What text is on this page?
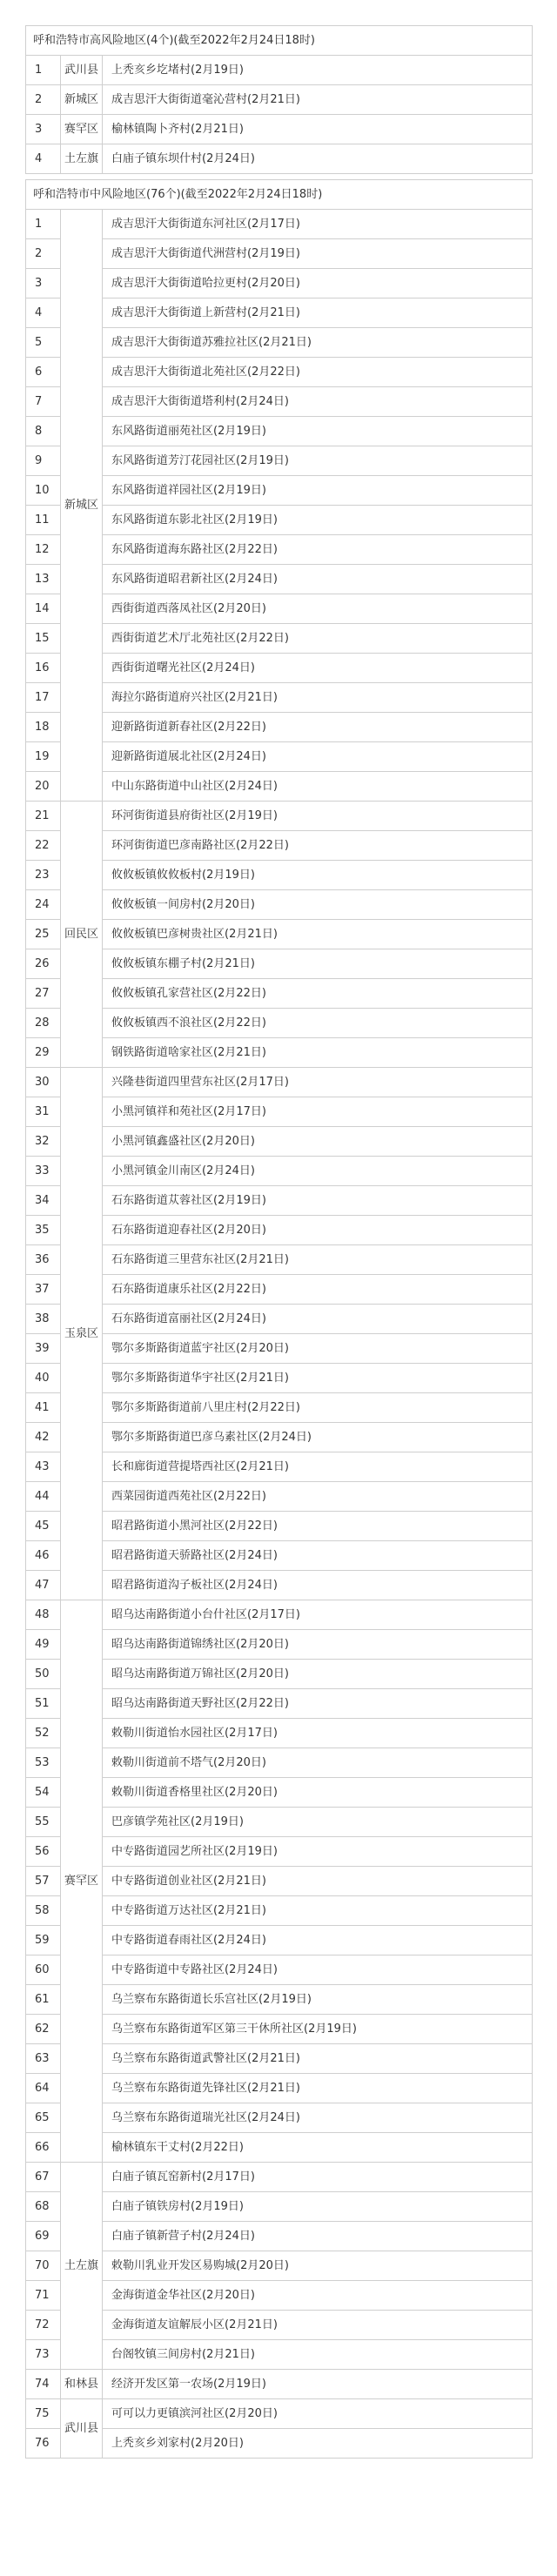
呼和浩特市高风险地区(4个)(截至2022年2月24日18时)		
1	武川县	上秃亥乡圪堵村(2月19日)
2	新城区	成吉思汗大街街道毫沁营村(2月21日)
3	赛罕区	榆林镇陶卜齐村(2月21日)
4	土左旗	白庙子镇东坝什村(2月24日)
呼和浩特市中风险地区(76个)(截至2022年2月24日18时)		
1	新城区	成吉思汗大街街道东河社区(2月17日)
2		成吉思汗大街街道代洲营村(2月19日)
3		成吉思汗大街街道哈拉更村(2月20日)
4		成吉思汗大街街道上新营村(2月21日)
5		成吉思汗大街街道苏雅拉社区(2月21日)
6		成吉思汗大街街道北苑社区(2月22日)
7		成吉思汗大街街道塔利村(2月24日)
8		东风路街道丽苑社区(2月19日)
9		东风路街道芳汀花园社区(2月19日)
10		东风路街道祥园社区(2月19日)
11		东风路街道东影北社区(2月19日)
12		东风路街道海东路社区(2月22日)
13		东风路街道昭君新社区(2月24日)
14		西街街道西落凤社区(2月20日)
15		西街街道艺术厅北苑社区(2月22日)
16		西街街道曙光社区(2月24日)
17		海拉尔路街道府兴社区(2月21日)
18		迎新路街道新春社区(2月22日)
19		迎新路街道展北社区(2月24日)
20		中山东路街道中山社区(2月24日)
21	回民区	环河街街道县府街社区(2月19日)
22		环河街街道巴彦南路社区(2月22日)
23		攸攸板镇攸攸板村(2月19日)
24		攸攸板镇一间房村(2月20日)
25		攸攸板镇巴彦树贵社区(2月21日)
26		攸攸板镇东棚子村(2月21日)
27		攸攸板镇孔家营社区(2月22日)
28		攸攸板镇西不浪社区(2月22日)
29		钢铁路街道啥家社区(2月21日)
30	玉泉区	兴隆巷街道四里营东社区(2月17日)
31		小黑河镇祥和苑社区(2月17日)
32		小黑河镇鑫盛社区(2月20日)
33		小黑河镇金川南区(2月24日)
34		石东路街道苁蓉社区(2月19日)
35		石东路街道迎春社区(2月20日)
36		石东路街道三里营东社区(2月21日)
37		石东路街道康乐社区(2月22日)
38		石东路街道富丽社区(2月24日)
39		鄂尔多斯路街道蓝宇社区(2月20日)
40		鄂尔多斯路街道华宇社区(2月21日)
41		鄂尔多斯路街道前八里庄村(2月22日)
42		鄂尔多斯路街道巴彦乌素社区(2月24日)
43		长和廊街道营提塔西社区(2月21日)
44		西菜园街道西苑社区(2月22日)
45		昭君路街道小黑河社区(2月22日)
46		昭君路街道天骄路社区(2月24日)
47		昭君路街道沟子板社区(2月24日)
48	赛罕区	昭乌达南路街道小台什社区(2月17日)
49		昭乌达南路街道锦绣社区(2月20日)
50		昭乌达南路街道万锦社区(2月20日)
51		昭乌达南路街道天野社区(2月22日)
52		敕勒川街道怡水园社区(2月17日)
53		敕勒川街道前不塔气(2月20日)
54		敕勒川街道香格里社区(2月20日)
55		巴彦镇学苑社区(2月19日)
56		中专路街道园艺所社区(2月19日)
57		中专路街道创业社区(2月21日)
58		中专路街道万达社区(2月21日)
59		中专路街道春雨社区(2月24日)
60		中专路街道中专路社区(2月24日)
61		乌兰察布东路街道长乐宫社区(2月19日)
62		乌兰察布东路街道军区第三干休所社区(2月19日)
63		乌兰察布东路街道武警社区(2月21日)
64		乌兰察布东路街道先锋社区(2月21日)
65		乌兰察布东路街道瑞光社区(2月24日)
66		榆林镇东干丈村(2月22日)
67	土左旗	白庙子镇瓦窑新村(2月17日)
68		白庙子镇铁房村(2月19日)
69		白庙子镇新营子村(2月24日)
70		敕勒川乳业开发区易购城(2月20日)
71		金海街道金华社区(2月20日)
72		金海街道友谊解辰小区(2月21日)
73		台阁牧镇三间房村(2月21日)
74	和林县	经济开发区第一农场(2月19日)
75	武川县	可可以力更镇滨河社区(2月20日)
76		上秃亥乡刘家村(2月20日)
